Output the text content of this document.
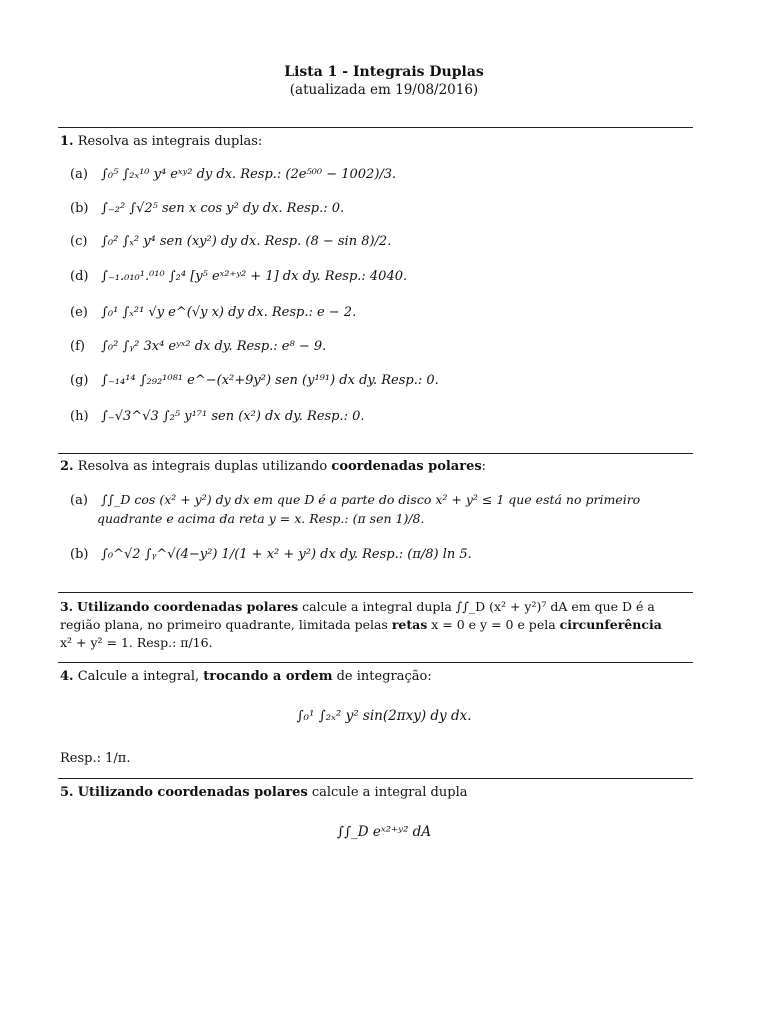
Lista 1 - Integrais Duplas
(atualizada em 19/08/2016)
1. Resolva as integrais duplas:
(a) ∫₀⁵ ∫₂ₓ¹⁰ y⁴ eˣʸ² dy dx. Resp.: (2e⁵⁰⁰ − 1002)/3.
(b) ∫₋₂² ∫√2⁵ sen x cos y² dy dx. Resp.: 0.
(c) ∫₀² ∫ₓ² y⁴ sen (xy²) dy dx. Resp. (8 − sin 8)/2.
(d) ∫₋₁.₀₁₀¹.⁰¹⁰ ∫₂⁴ [y⁵ eˣ²⁺ʸ² + 1] dx dy. Resp.: 4040.
(e) ∫₀¹ ∫ₓ²¹ √y e^(√y x) dy dx. Resp.: e − 2.
(f) ∫₀² ∫ᵧ² 3x⁴ eʸˣ² dx dy. Resp.: e⁸ − 9.
(g) ∫₋₁₄¹⁴ ∫₂₉₂¹⁰⁸¹ e^−(x²+9y²) sen (y¹⁹¹) dx dy. Resp.: 0.
(h) ∫₋√3^√3 ∫₂⁵ y¹⁷¹ sen (x²) dx dy. Resp.: 0.
2. Resolva as integrais duplas utilizando coordenadas polares:
(a) ∫∫_D cos (x² + y²) dy dx em que D é a parte do disco x² + y² ≤ 1 que está no primeiro
quadrante e acima da reta y = x. Resp.: (π sen 1)/8.
(b) ∫₀^√2 ∫ᵧ^√(4−y²) 1/(1 + x² + y²) dx dy. Resp.: (π/8) ln 5.
3. Utilizando coordenadas polares calcule a integral dupla ∫∫_D (x² + y²)⁷ dA em que D é a
região plana, no primeiro quadrante, limitada pelas retas x = 0 e y = 0 e pela circunferência
x² + y² = 1. Resp.: π/16.
4. Calcule a integral, trocando a ordem de integração:
∫₀¹ ∫₂ₓ² y² sin(2πxy) dy dx.
Resp.: 1/π.
5. Utilizando coordenadas polares calcule a integral dupla
∫∫_D eˣ²⁺ʸ² dA
